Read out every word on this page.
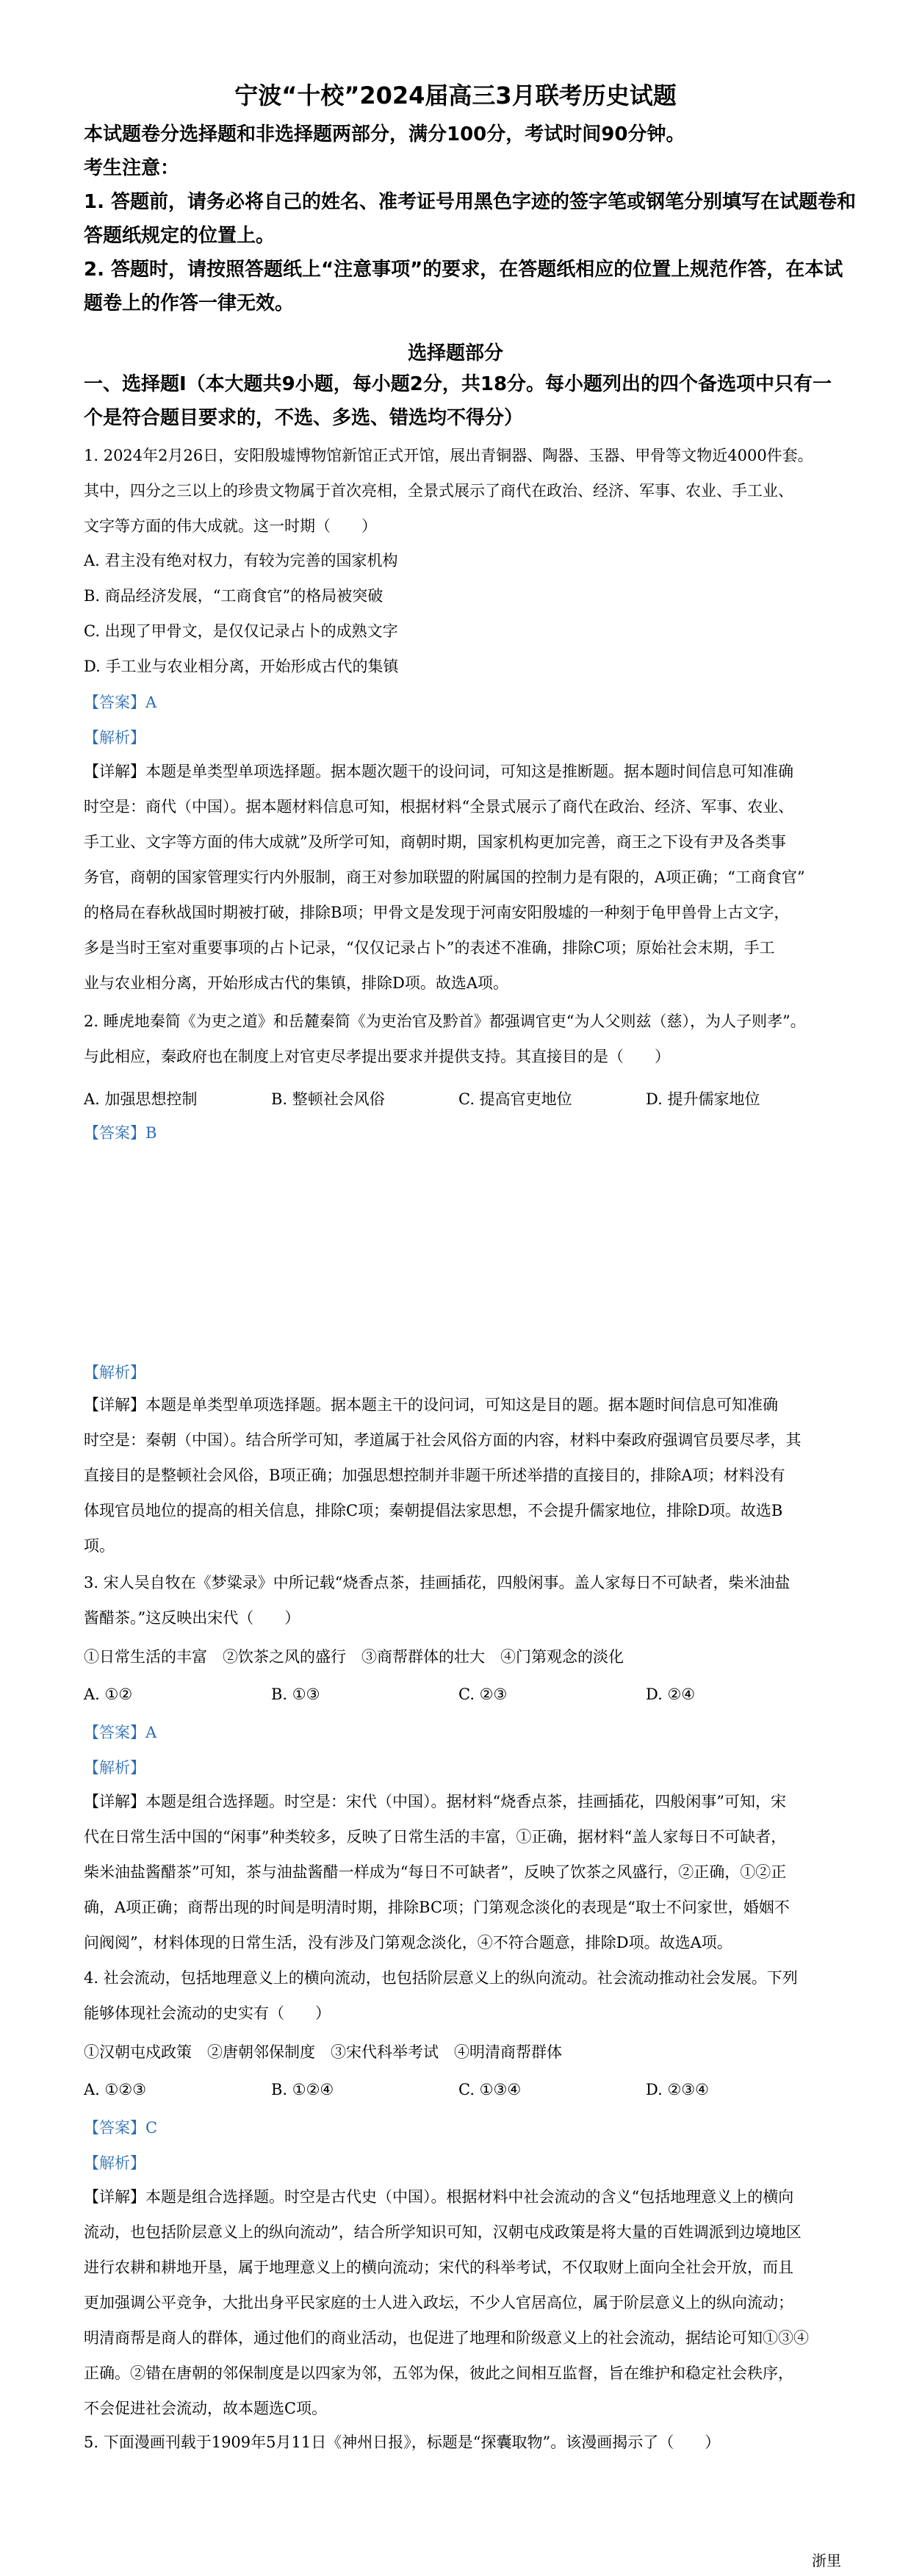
宁波“十校”2024届高三3月联考历史试题
本试题卷分选择题和非选择题两部分，满分100分，考试时间90分钟。
考生注意：
1. 答题前，请务必将自己的姓名、准考证号用黑色字迹的签字笔或钢笔分别填写在试题卷和
答题纸规定的位置上。
2. 答题时，请按照答题纸上“注意事项”的要求，在答题纸相应的位置上规范作答，在本试
题卷上的作答一律无效。
选择题部分
一、选择题Ⅰ（本大题共9小题，每小题2分，共18分。每小题列出的四个备选项中只有一
个是符合题目要求的，不选、多选、错选均不得分）
1. 2024年2月26日，安阳殷墟博物馆新馆正式开馆，展出青铜器、陶器、玉器、甲骨等文物近4000件套。
其中，四分之三以上的珍贵文物属于首次亮相，全景式展示了商代在政治、经济、军事、农业、手工业、
文字等方面的伟大成就。这一时期（　　）
A. 君主没有绝对权力，有较为完善的国家机构
B. 商品经济发展，“工商食官”的格局被突破
C. 出现了甲骨文，是仅仅记录占卜的成熟文字
D. 手工业与农业相分离，开始形成古代的集镇
【答案】A
【解析】
【详解】本题是单类型单项选择题。据本题次题干的设问词，可知这是推断题。据本题时间信息可知准确
时空是：商代（中国）。据本题材料信息可知，根据材料“全景式展示了商代在政治、经济、军事、农业、
手工业、文字等方面的伟大成就”及所学可知，商朝时期，国家机构更加完善，商王之下设有尹及各类事
务官，商朝的国家管理实行内外服制，商王对参加联盟的附属国的控制力是有限的，A项正确；“工商食官”
的格局在春秋战国时期被打破，排除B项；甲骨文是发现于河南安阳殷墟的一种刻于龟甲兽骨上古文字，
多是当时王室对重要事项的占卜记录，“仅仅记录占卜”的表述不准确，排除C项；原始社会末期，手工
业与农业相分离，开始形成古代的集镇，排除D项。故选A项。
2. 睡虎地秦简《为吏之道》和岳麓秦简《为吏治官及黔首》都强调官吏“为人父则兹（慈），为人子则孝”。
与此相应，秦政府也在制度上对官吏尽孝提出要求并提供支持。其直接目的是（　　）
A. 加强思想控制	B. 整顿社会风俗	C. 提高官吏地位	D. 提升儒家地位
【答案】B
【解析】
【详解】本题是单类型单项选择题。据本题主干的设问词，可知这是目的题。据本题时间信息可知准确
时空是：秦朝（中国）。结合所学可知，孝道属于社会风俗方面的内容，材料中秦政府强调官员要尽孝，其
直接目的是整顿社会风俗，B项正确；加强思想控制并非题干所述举措的直接目的，排除A项；材料没有
体现官员地位的提高的相关信息，排除C项；秦朝提倡法家思想，不会提升儒家地位，排除D项。故选B
项。
3. 宋人吴自牧在《梦粱录》中所记载“烧香点茶，挂画插花，四般闲事。盖人家每日不可缺者，柴米油盐
酱醋茶。”这反映出宋代（　　）
①日常生活的丰富　②饮茶之风的盛行　③商帮群体的壮大　④门第观念的淡化
A. ①②	B. ①③	C. ②③	D. ②④
【答案】A
【解析】
【详解】本题是组合选择题。时空是：宋代（中国）。据材料“烧香点茶，挂画插花，四般闲事”可知，宋
代在日常生活中国的“闲事”种类较多，反映了日常生活的丰富，①正确，据材料“盖人家每日不可缺者，
柴米油盐酱醋茶”可知，茶与油盐酱醋一样成为“每日不可缺者”，反映了饮茶之风盛行，②正确，①②正
确，A项正确；商帮出现的时间是明清时期，排除BC项；门第观念淡化的表现是“取士不问家世，婚姻不
问阀阅”，材料体现的日常生活，没有涉及门第观念淡化，④不符合题意，排除D项。故选A项。
4. 社会流动，包括地理意义上的横向流动，也包括阶层意义上的纵向流动。社会流动推动社会发展。下列
能够体现社会流动的史实有（　　）
①汉朝屯戍政策　②唐朝邻保制度　③宋代科举考试　④明清商帮群体
A. ①②③	B. ①②④	C. ①③④	D. ②③④
【答案】C
【解析】
【详解】本题是组合选择题。时空是古代史（中国）。根据材料中社会流动的含义“包括地理意义上的横向
流动，也包括阶层意义上的纵向流动”，结合所学知识可知，汉朝屯戍政策是将大量的百姓调派到边境地区
进行农耕和耕地开垦，属于地理意义上的横向流动；宋代的科举考试，不仅取财上面向全社会开放，而且
更加强调公平竞争，大批出身平民家庭的士人进入政坛，不少人官居高位，属于阶层意义上的纵向流动；
明清商帮是商人的群体，通过他们的商业活动，也促进了地理和阶级意义上的社会流动，据结论可知①③④
正确。②错在唐朝的邻保制度是以四家为邻，五邻为保，彼此之间相互监督，旨在维护和稳定社会秩序，
不会促进社会流动，故本题选C项。
5. 下面漫画刊载于1909年5月11日《神州日报》，标题是“探囊取物”。该漫画揭示了（　　）
浙里
